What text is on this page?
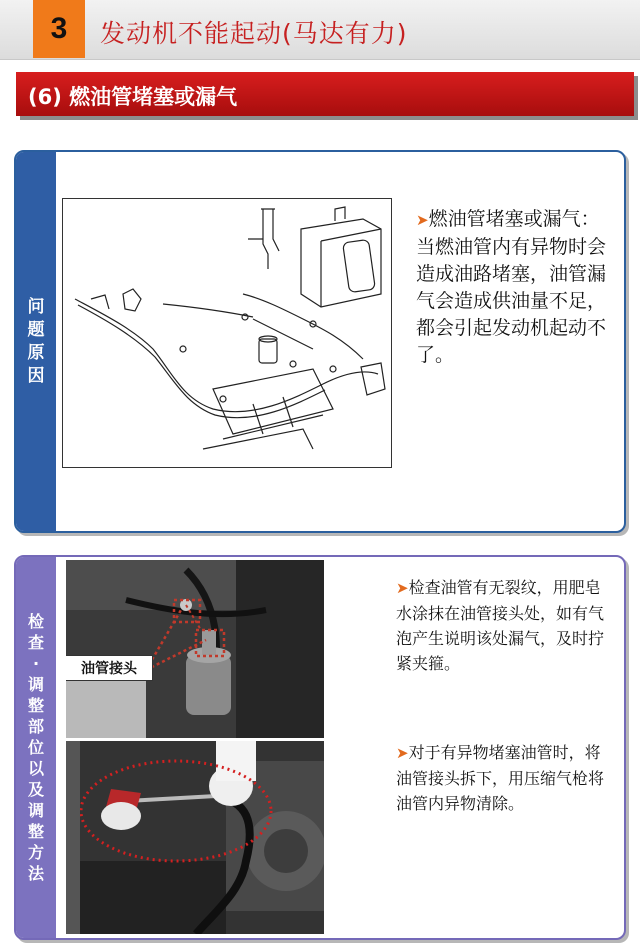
3	发动机不能起动(马达有力)
(6) 燃油管堵塞或漏气
问
题
原
因
➤燃油管堵塞或漏气：当燃油管内有异物时会造成油路堵塞，油管漏气会造成供油量不足，都会引起发动机起动不了。
检
查
·
调
整
部
位
以
及
调
整
方
法
油管接头
➤检查油管有无裂纹，用肥皂水涂抹在油管接头处，如有气泡产生说明该处漏气，及时拧紧夹箍。
➤对于有异物堵塞油管时，将油管接头拆下，用压缩气枪将油管内异物清除。
